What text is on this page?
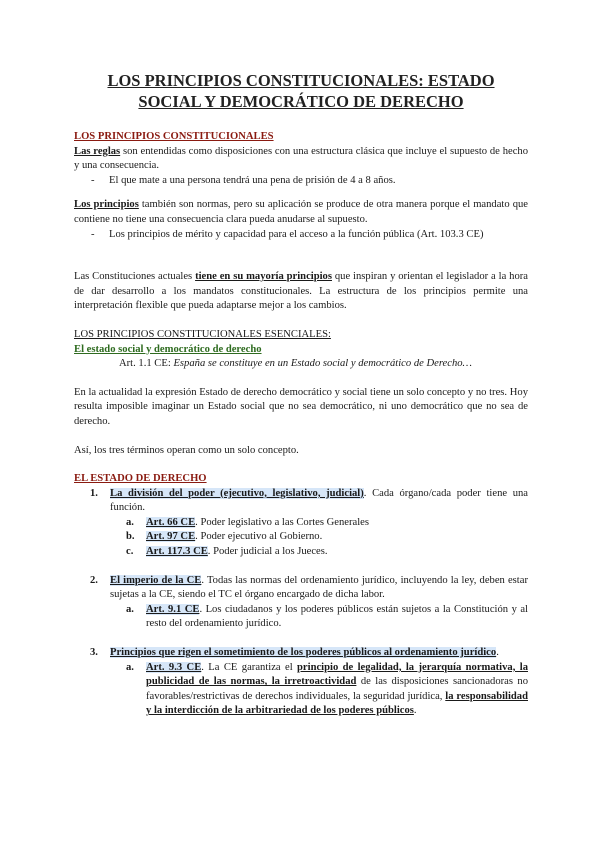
LOS PRINCIPIOS CONSTITUCIONALES: ESTADO SOCIAL Y DEMOCRÁTICO DE DERECHO

LOS PRINCIPIOS CONSTITUCIONALES

Las reglas son entendidas como disposiciones con una estructura clásica que incluye el supuesto de hecho y una consecuencia.

- El que mate a una persona tendrá una pena de prisión de 4 a 8 años.

Los principios también son normas, pero su aplicación se produce de otra manera porque el mandato que contiene no tiene una consecuencia clara pueda anudarse al supuesto.

- Los principios de mérito y capacidad para el acceso a la función pública (Art. 103.3 CE)

Las Constituciones actuales tiene en su mayoría principios que inspiran y orientan el legislador a la hora de dar desarrollo a los mandatos constitucionales. La estructura de los principios permite una interpretación flexible que pueda adaptarse mejor a los cambios.

LOS PRINCIPIOS CONSTITUCIONALES ESENCIALES:

El estado social y democrático de derecho

Art. 1.1 CE: España se constituye en un Estado social y democrático de Derecho…

En la actualidad la expresión Estado de derecho democrático y social tiene un solo concepto y no tres. Hoy resulta imposible imaginar un Estado social que no sea democrático, ni uno democrático que no sea de derecho.

Así, los tres términos operan como un solo concepto.

EL ESTADO DE DERECHO

1. La división del poder (ejecutivo, legislativo, judicial). Cada órgano/cada poder tiene una función.

a. Art. 66 CE. Poder legislativo a las Cortes Generales

b. Art. 97 CE. Poder ejecutivo al Gobierno.

c. Art. 117.3 CE. Poder judicial a los Jueces.

2. El imperio de la CE. Todas las normas del ordenamiento jurídico, incluyendo la ley, deben estar sujetas a la CE, siendo el TC el órgano encargado de dicha labor.

a. Art. 9.1 CE. Los ciudadanos y los poderes públicos están sujetos a la Constitución y al resto del ordenamiento jurídico.

3. Principios que rigen el sometimiento de los poderes públicos al ordenamiento jurídico.

a. Art. 9.3 CE. La CE garantiza el principio de legalidad, la jerarquía normativa, la publicidad de las normas, la irretroactividad de las disposiciones sancionadoras no favorables/restrictivas de derechos individuales, la seguridad jurídica, la responsabilidad y la interdicción de la arbitrariedad de los poderes públicos.
